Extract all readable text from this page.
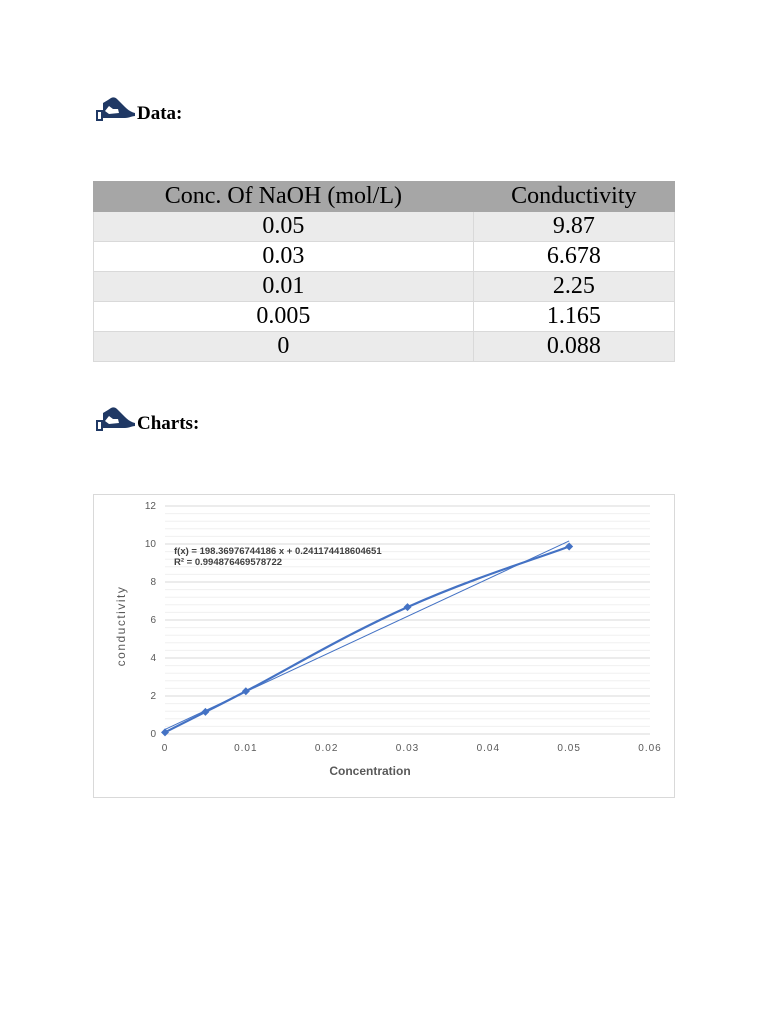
Data:
Conc. Of NaOH (mol/L)	Conductivity
0.05	9.87
0.03	6.678
0.01	2.25
0.005	1.165
0	0.088
Charts:
0
2
4
6
8
10
12
0	0.01	0.02	0.03	0.04	0.05	0.06
f(x) = 198.36976744186 x + 0.241174418604651
R² = 0.994876469578722
Concentration
conductivity
